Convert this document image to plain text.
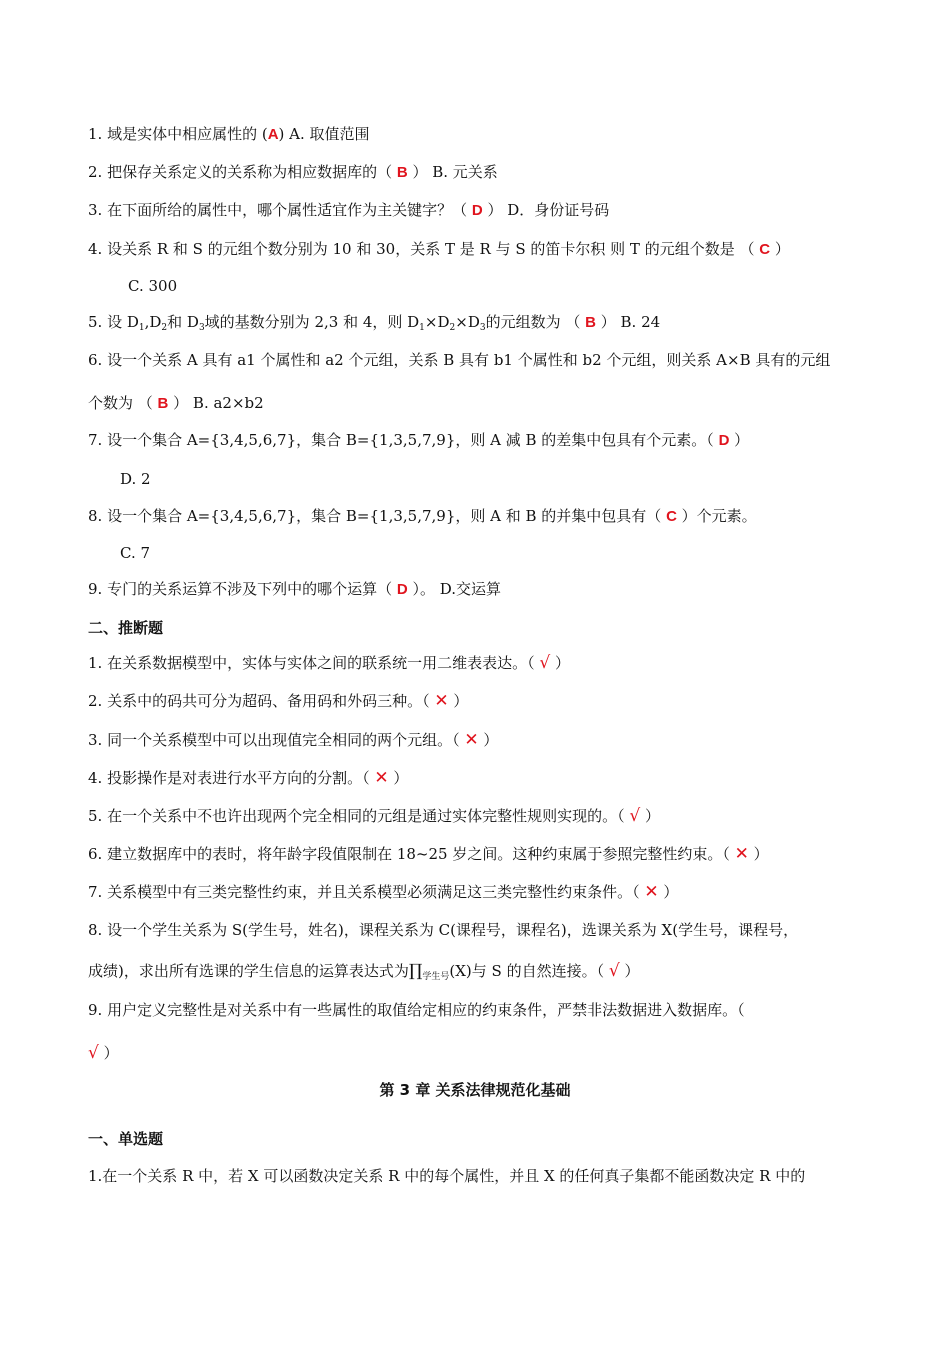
1. 域是实体中相应属性的 (A) A. 取值范围
2. 把保存关系定义的关系称为相应数据库的（ B ） B. 元关系
3. 在下面所给的属性中，哪个属性适宜作为主关键字？（ D ） D．身份证号码
4. 设关系 R 和 S 的元组个数分别为 10 和 30，关系 T 是 R 与 S 的笛卡尔积 则 T 的元组个数是 （ C ）
C. 300
5. 设 $D_1,D_2$和 $D_3$域的基数分别为 2,3 和 4，则 $D_1\times D_2\times D_3$的元组数为 （ B ） B. 24
6. 设一个关系 A 具有 a1 个属性和 a2 个元组，关系 B 具有 b1 个属性和 b2 个元组，则关系 A×B 具有的元组
个数为 （ B ） B. a2×b2
7. 设一个集合 A={3,4,5,6,7}，集合 B={1,3,5,7,9}，则 A 减 B 的差集中包具有个元素。（ D ）
D. 2
8. 设一个集合 A={3,4,5,6,7}，集合 B={1,3,5,7,9}，则 A 和 B 的并集中包具有（ C ）个元素。
C. 7
9. 专门的关系运算不涉及下列中的哪个运算（ D ）。 D.交运算
二、推断题
1. 在关系数据模型中，实体与实体之间的联系统一用二维表表达。（ √ ）
2. 关系中的码共可分为超码、备用码和外码三种。（ ✕ ）
3. 同一个关系模型中可以出现值完全相同的两个元组。（ ✕ ）
4. 投影操作是对表进行水平方向的分割。（ ✕ ）
5. 在一个关系中不也许出现两个完全相同的元组是通过实体完整性规则实现的。（ √ ）
6. 建立数据库中的表时，将年龄字段值限制在 18~25 岁之间。这种约束属于参照完整性约束。（ ✕ ）
7. 关系模型中有三类完整性约束，并且关系模型必须满足这三类完整性约束条件。（ ✕ ）
8. 设一个学生关系为 S(学生号，姓名)，课程关系为 C(课程号，课程名)，选课关系为 X(学生号，课程号，
成绩)，求出所有选课的学生信息的运算表达式为$\prod_{学生号}(X)$与 S 的自然连接。（ √ ）
9. 用户定义完整性是对关系中有一些属性的取值给定相应的约束条件，严禁非法数据进入数据库。（
√ ）
第 3 章 关系法律规范化基础
一、单选题
1.在一个关系 R 中，若 X 可以函数决定关系 R 中的每个属性，并且 X 的任何真子集都不能函数决定 R 中的
